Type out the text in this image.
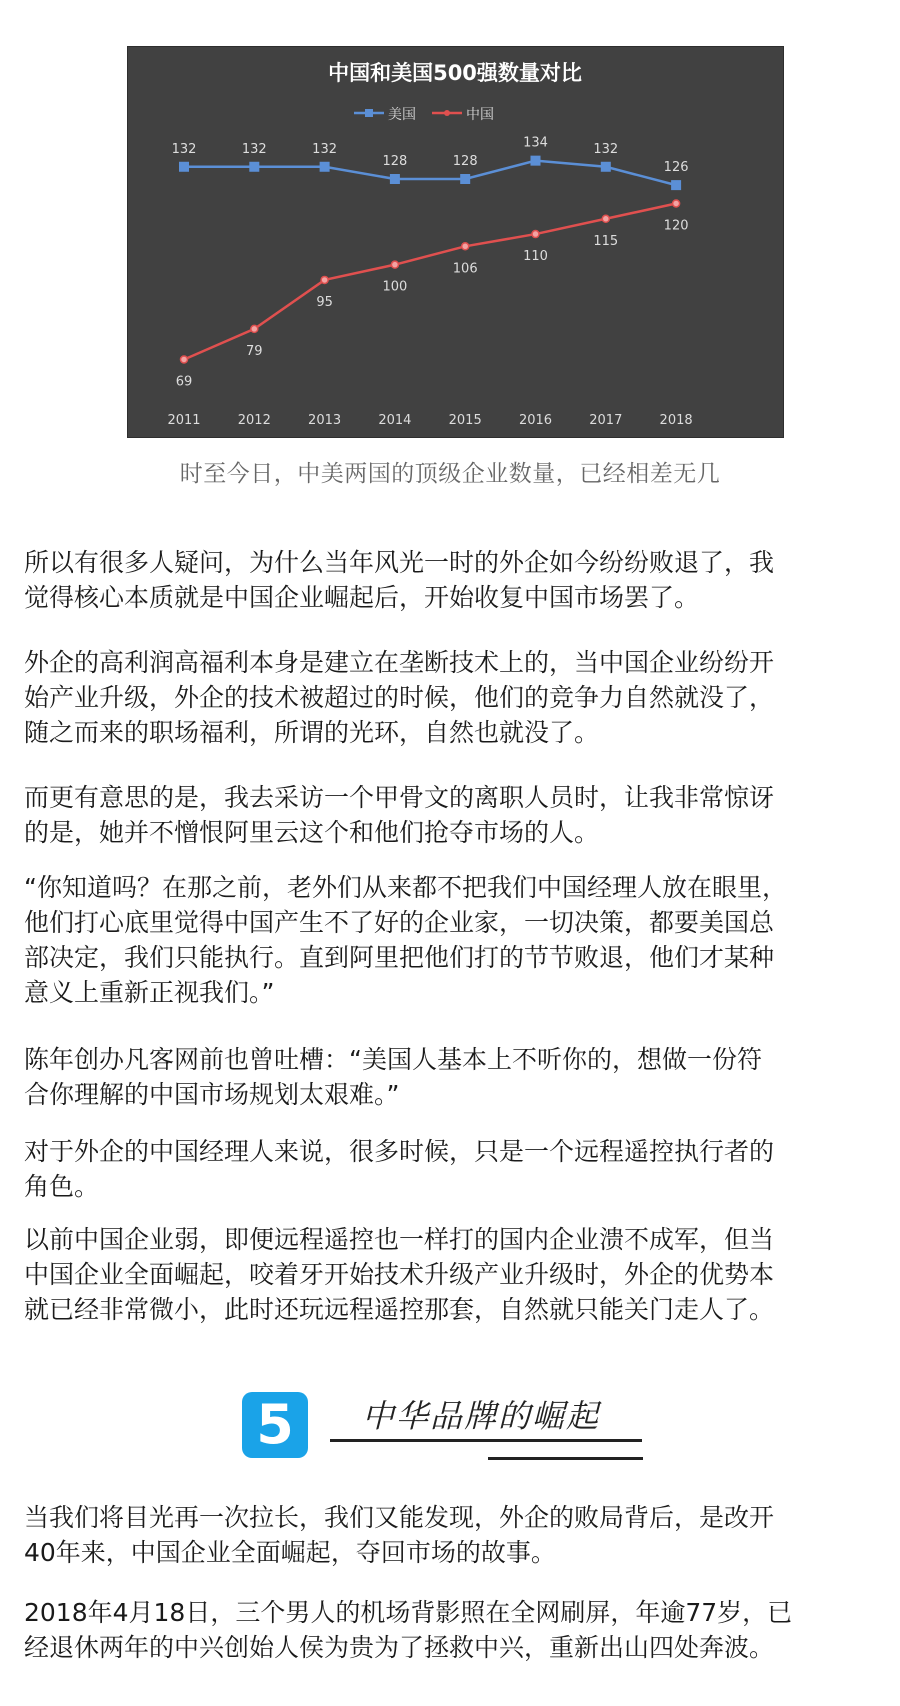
中国和美国500强数量对比
美国	中国
132	132	132
128	128
134	132
126
69
79
95
100
106
110
115
120
2011	2012	2013	2014	2015	2016	2017	2018
时至今日，中美两国的顶级企业数量，已经相差无几
所以有很多人疑问，为什么当年风光一时的外企如今纷纷败退了，我
觉得核心本质就是中国企业崛起后，开始收复中国市场罢了。
外企的高利润高福利本身是建立在垄断技术上的，当中国企业纷纷开
始产业升级，外企的技术被超过的时候，他们的竞争力自然就没了，
随之而来的职场福利，所谓的光环，自然也就没了。
而更有意思的是，我去采访一个甲骨文的离职人员时，让我非常惊讶
的是，她并不憎恨阿里云这个和他们抢夺市场的人。
“你知道吗？在那之前，老外们从来都不把我们中国经理人放在眼里，
他们打心底里觉得中国产生不了好的企业家，一切决策，都要美国总
部决定，我们只能执行。直到阿里把他们打的节节败退，他们才某种
意义上重新正视我们。”
陈年创办凡客网前也曾吐槽：“美国人基本上不听你的，想做一份符
合你理解的中国市场规划太艰难。”
对于外企的中国经理人来说，很多时候，只是一个远程遥控执行者的
角色。
以前中国企业弱，即便远程遥控也一样打的国内企业溃不成军，但当
中国企业全面崛起，咬着牙开始技术升级产业升级时，外企的优势本
就已经非常微小，此时还玩远程遥控那套，自然就只能关门走人了。
5	中华品牌的崛起
当我们将目光再一次拉长，我们又能发现，外企的败局背后，是改开
40年来，中国企业全面崛起，夺回市场的故事。
2018年4月18日，三个男人的机场背影照在全网刷屏，年逾77岁，已
经退休两年的中兴创始人侯为贵为了拯救中兴，重新出山四处奔波。
